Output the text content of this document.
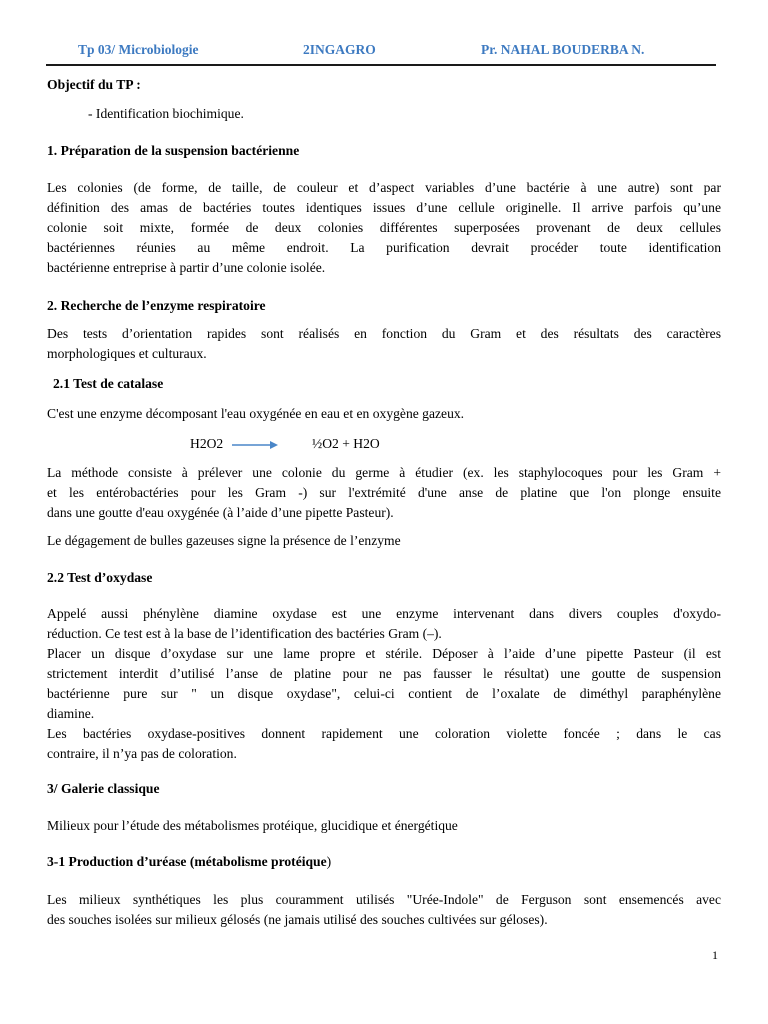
Tp 03/ Microbiologie	2INGAGRO	Pr. NAHAL BOUDERBA N.
Objectif du TP :
- Identification biochimique.
1. Préparation de la suspension bactérienne
Les colonies (de forme, de taille, de couleur et d’aspect variables d’une bactérie à une autre) sont par
définition des amas de bactéries toutes identiques issues d’une cellule originelle. Il arrive parfois qu’une
colonie soit mixte, formée de deux colonies différentes superposées provenant de deux cellules
bactériennes réunies au même endroit. La purification devrait procéder toute identification
bactérienne entreprise à partir d’une colonie isolée.
2. Recherche de l’enzyme respiratoire
Des tests d’orientation rapides sont réalisés en fonction du Gram et des résultats des caractères
morphologiques et culturaux.
2.1 Test de catalase
C'est une enzyme décomposant l'eau oxygénée en eau et en oxygène gazeux.
H2O2 →	½O2 + H2O
La méthode consiste à prélever une colonie du germe à étudier (ex. les staphylocoques pour les Gram +
et les entérobactéries pour les Gram -) sur l'extrémité d'une anse de platine que l'on plonge ensuite
dans une goutte d'eau oxygénée (à l’aide d’une pipette Pasteur).
Le dégagement de bulles gazeuses signe la présence de l’enzyme
2.2 Test d’oxydase
Appelé aussi phénylène diamine oxydase est une enzyme intervenant dans divers couples d'oxydo-
réduction. Ce test est à la base de l’identification des bactéries Gram (–).
Placer un disque d’oxydase sur une lame propre et stérile. Déposer à l’aide d’une pipette Pasteur (il est
strictement interdit d’utilisé l’anse de platine pour ne pas fausser le résultat) une goutte de suspension
bactérienne pure sur " un disque oxydase", celui-ci contient de l’oxalate de diméthyl paraphénylène
diamine.
Les bactéries oxydase-positives donnent rapidement une coloration violette foncée ; dans le cas
contraire, il n’ya pas de coloration.
3/ Galerie classique
Milieux pour l’étude des métabolismes protéique, glucidique et énergétique
3-1 Production d’uréase (métabolisme protéique)
Les milieux synthétiques les plus couramment utilisés "Urée-Indole" de Ferguson sont ensemencés avec
des souches isolées sur milieux gélosés (ne jamais utilisé des souches cultivées sur géloses).
1
